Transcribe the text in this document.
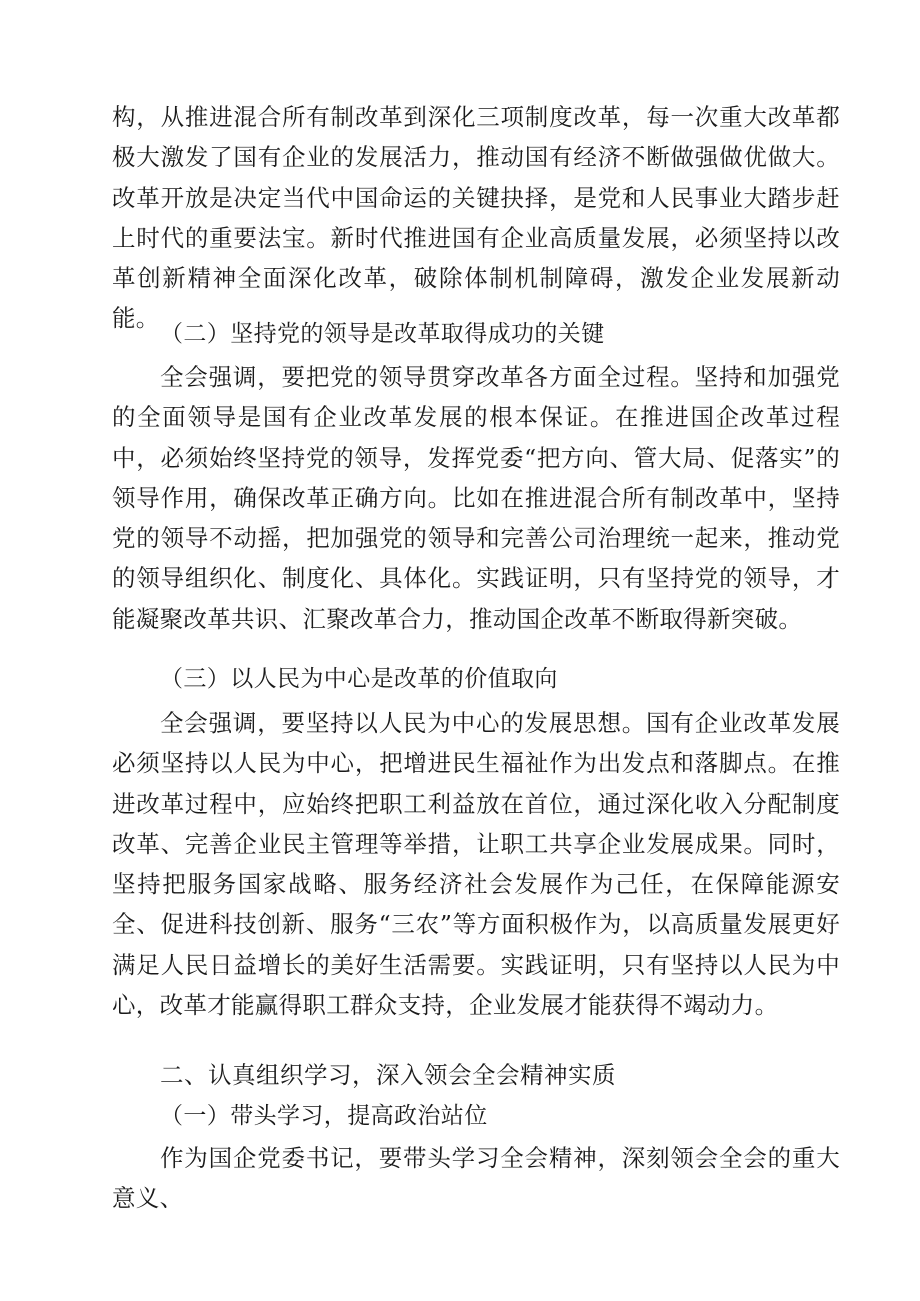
构，从推进混合所有制改革到深化三项制度改革，每一次重大改革都极大激发了国有企业的发展活力，推动国有经济不断做强做优做大。改革开放是决定当代中国命运的关键抉择，是党和人民事业大踏步赶上时代的重要法宝。新时代推进国有企业高质量发展，必须坚持以改革创新精神全面深化改革，破除体制机制障碍，激发企业发展新动能。

（二）坚持党的领导是改革取得成功的关键

全会强调，要把党的领导贯穿改革各方面全过程。坚持和加强党的全面领导是国有企业改革发展的根本保证。在推进国企改革过程中，必须始终坚持党的领导，发挥党委“把方向、管大局、促落实”的领导作用，确保改革正确方向。比如在推进混合所有制改革中，坚持党的领导不动摇，把加强党的领导和完善公司治理统一起来，推动党的领导组织化、制度化、具体化。实践证明，只有坚持党的领导，才能凝聚改革共识、汇聚改革合力，推动国企改革不断取得新突破。

（三）以人民为中心是改革的价值取向

全会强调，要坚持以人民为中心的发展思想。国有企业改革发展必须坚持以人民为中心，把增进民生福祉作为出发点和落脚点。在推进改革过程中，应始终把职工利益放在首位，通过深化收入分配制度改革、完善企业民主管理等举措，让职工共享企业发展成果。同时，坚持把服务国家战略、服务经济社会发展作为己任，在保障能源安全、促进科技创新、服务“三农”等方面积极作为，以高质量发展更好满足人民日益增长的美好生活需要。实践证明，只有坚持以人民为中心，改革才能赢得职工群众支持，企业发展才能获得不竭动力。

二、认真组织学习，深入领会全会精神实质

（一）带头学习，提高政治站位

作为国企党委书记，要带头学习全会精神，深刻领会全会的重大意义、
